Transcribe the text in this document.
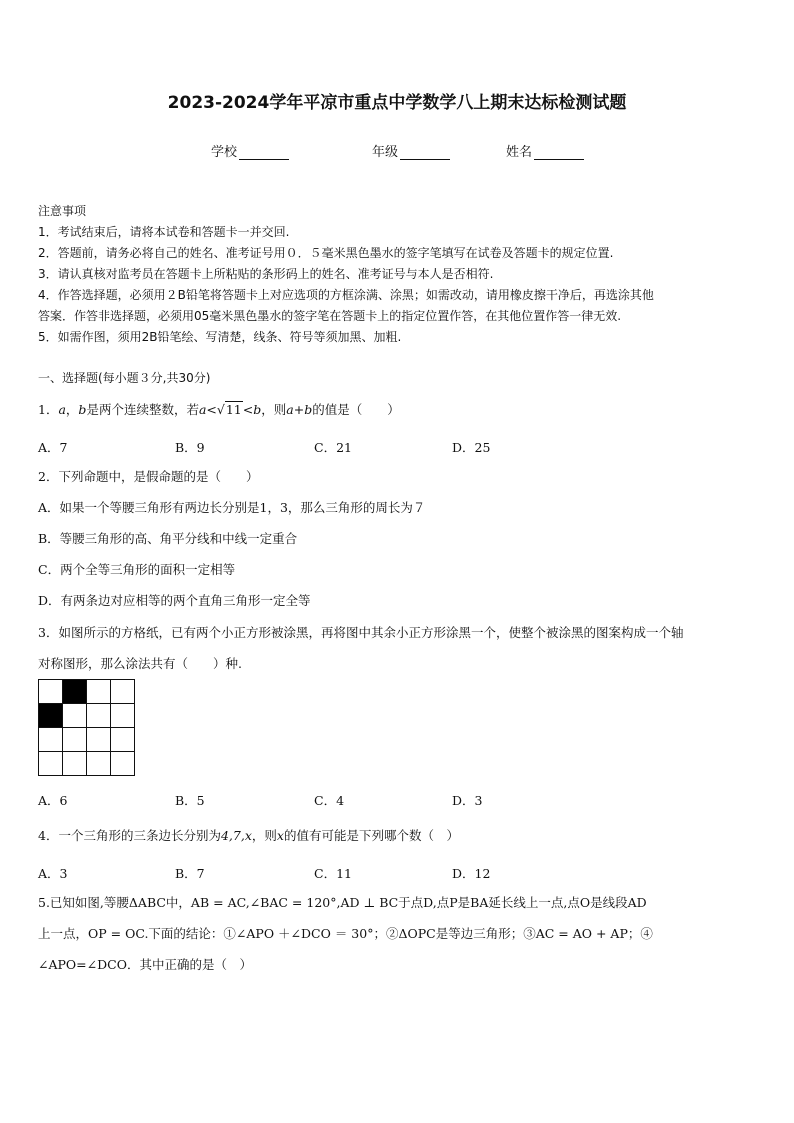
2023-2024学年平凉市重点中学数学八上期末达标检测试题
学校	年级	姓名
注意事项
1．考试结束后，请将本试卷和答题卡一并交回.
2．答题前，请务必将自己的姓名、准考证号用０．５毫米黑色墨水的签字笔填写在试卷及答题卡的规定位置.
3．请认真核对监考员在答题卡上所粘贴的条形码上的姓名、准考证号与本人是否相符.
4．作答选择题，必须用２B铅笔将答题卡上对应选项的方框涂满、涂黑；如需改动，请用橡皮擦干净后，再选涂其他
答案．作答非选择题，必须用05毫米黑色墨水的签字笔在答题卡上的指定位置作答，在其他位置作答一律无效.
5．如需作图，须用2B铅笔绘、写清楚，线条、符号等须加黑、加粗.
一、选择题(每小题３分,共30分)
1．a，b是两个连续整数，若a<√11<b，则a+b的值是（　　）
A．7	B．9	C．21	D．25
2．下列命题中，是假命题的是（　　）
A．如果一个等腰三角形有两边长分别是1，3，那么三角形的周长为７
B．等腰三角形的高、角平分线和中线一定重合
C．两个全等三角形的面积一定相等
D．有两条边对应相等的两个直角三角形一定全等
3．如图所示的方格纸，已有两个小正方形被涂黑，再将图中其余小正方形涂黑一个，使整个被涂黑的图案构成一个轴
对称图形，那么涂法共有（　　）种.
A．6	B．5	C．4	D．3
4．一个三角形的三条边长分别为4,7,x，则x的值有可能是下列哪个数（　）
A．3	B．7	C．11	D．12
5.已知如图,等腰ΔABC中，AB = AC,∠BAC = 120°,AD ⊥ BC于点D,点P是BA延长线上一点,点O是线段AD
上一点，OP = OC.下面的结论：①∠APO ＋∠DCO ＝ 30°；②ΔOPC是等边三角形；③AC = AO + AP；④
∠APO=∠DCO．其中正确的是（　）
